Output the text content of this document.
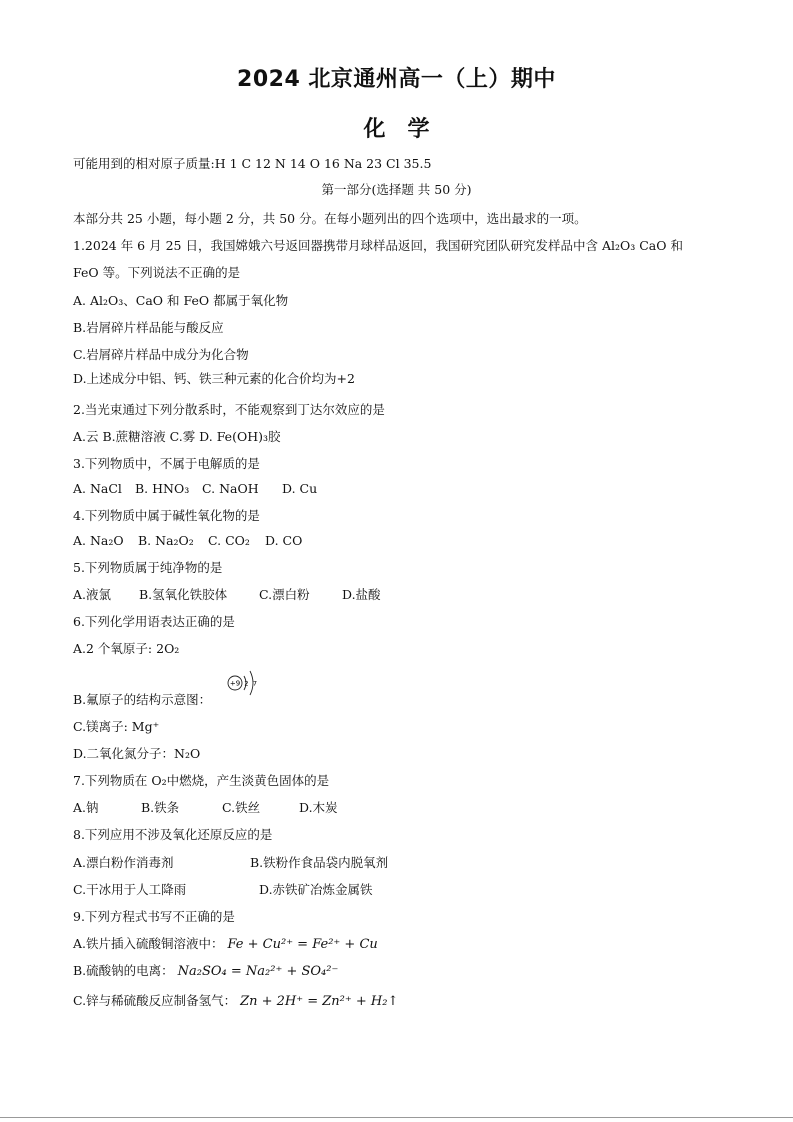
2024 北京通州高一（上）期中
化　学
可能用到的相对原子质量:H 1 C 12 N 14 O 16 Na 23 Cl 35.5
第一部分(选择题 共 50 分)
本部分共 25 小题，每小题 2 分，共 50 分。在每小题列出的四个选项中，选出最求的一项。
1.2024 年 6 月 25 日，我国嫦娥六号返回器携带月球样品返回，我国研究团队研究发样品中含 Al₂O₃ CaO 和
FeO 等。下列说法不正确的是
A. Al₂O₃、CaO 和 FeO 都属于氧化物
B.岩屑碎片样品能与酸反应
C.岩屑碎片样品中成分为化合物
D.上述成分中铝、钙、铁三种元素的化合价均为+2
2.当光束通过下列分散系时，不能观察到丁达尔效应的是
A.云 B.蔗糖溶液 C.雾 D. Fe(OH)₃胶
3.下列物质中，不属于电解质的是
A. NaCl B. HNO₃ C. NaOH D. Cu
4.下列物质中属于碱性氧化物的是
A. Na₂O B. Na₂O₂ C. CO₂ D. CO
5.下列物质属于纯净物的是
A.液氯 B.氢氧化铁胶体	C.漂白粉	D.盐酸
6.下列化学用语表达正确的是
A.2 个氧原子: 2O₂
B.氟原子的结构示意图：
+9 2 7
C.镁离子: Mg⁺
D.二氧化氮分子：N₂O
7.下列物质在 O₂中燃烧，产生淡黄色固体的是
A.钠	B.铁条	C.铁丝	D.木炭
8.下列应用不涉及氧化还原反应的是
A.漂白粉作消毒剂	B.铁粉作食品袋内脱氧剂
C.干冰用于人工降雨	D.赤铁矿冶炼金属铁
9.下列方程式书写不正确的是
A.铁片插入硫酸铜溶液中： Fe + Cu²⁺ = Fe²⁺ + Cu
B.硫酸钠的电离： Na₂SO₄ = Na₂²⁺ + SO₄²⁻
C.锌与稀硫酸反应制备氢气： Zn + 2H⁺ = Zn²⁺ + H₂↑
